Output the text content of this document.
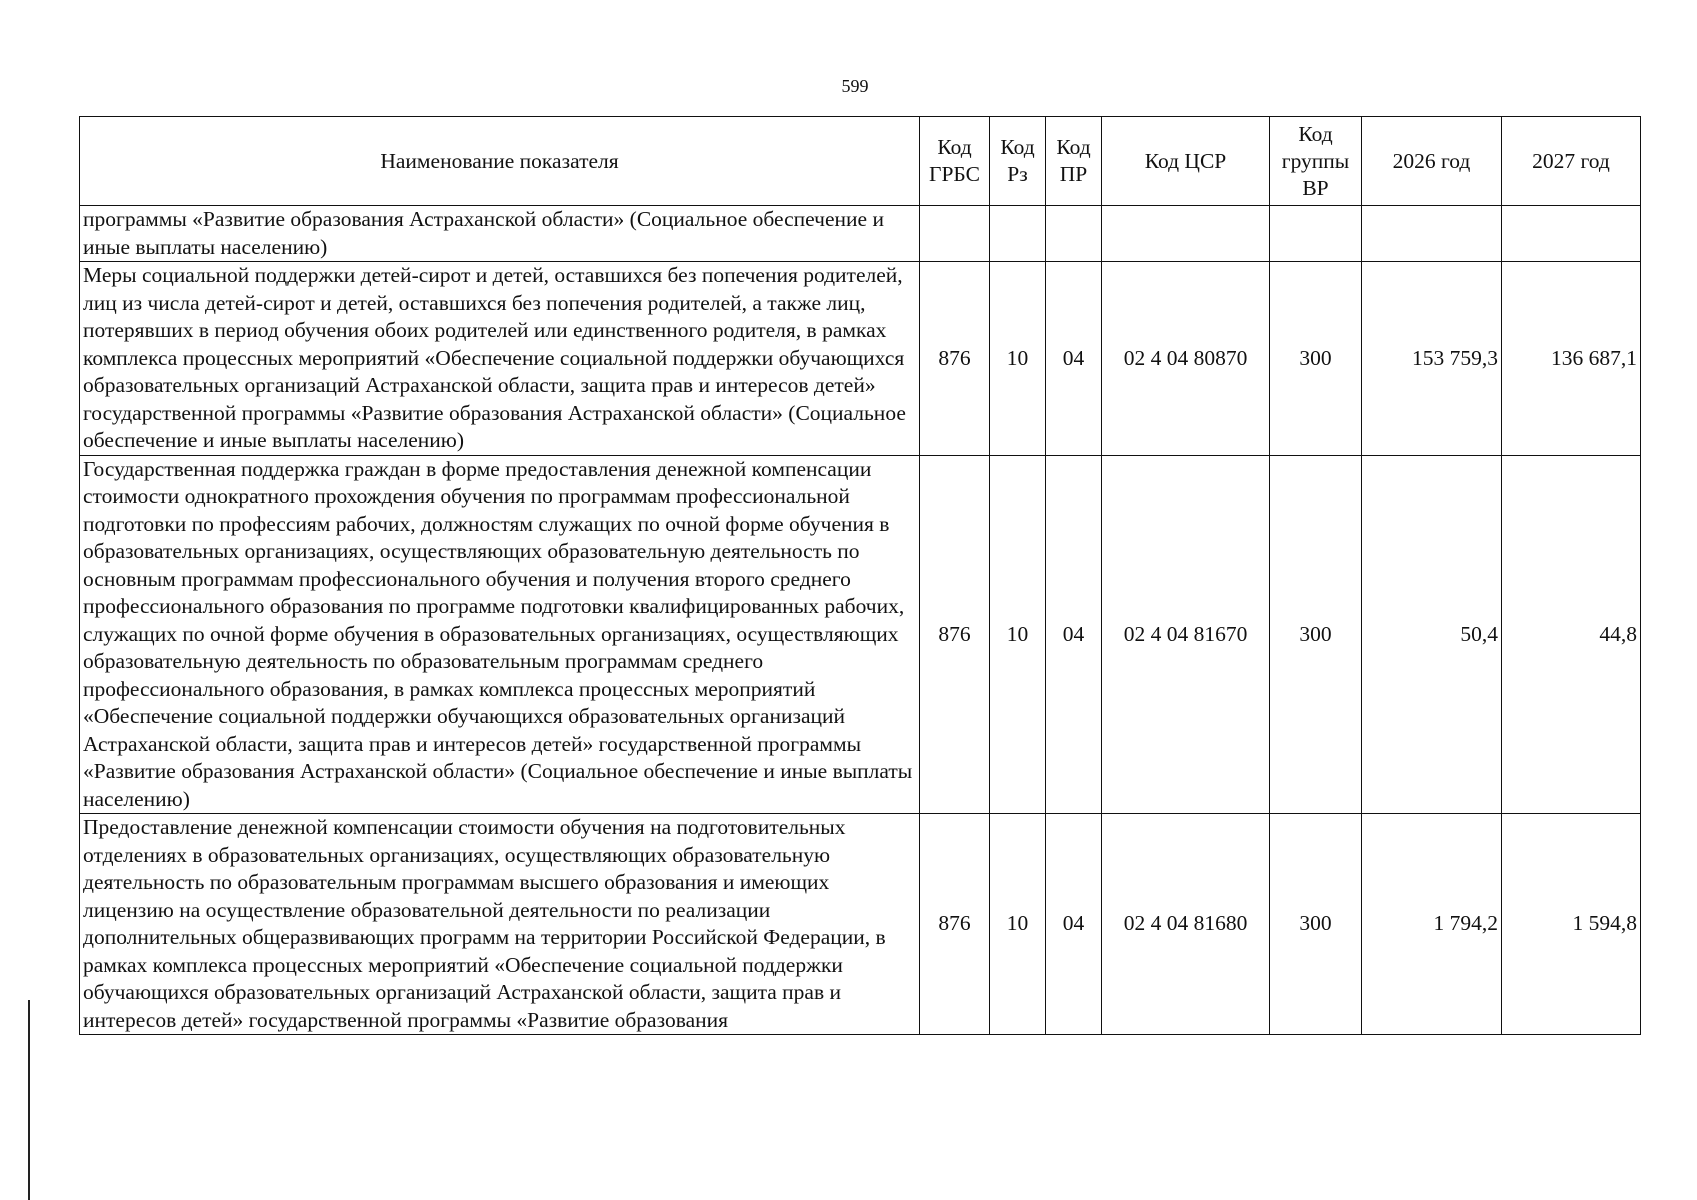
599
Наименование показателя	Код ГРБС	Код Рз	Код ПР	Код ЦСР	Код группы ВР	2026 год	2027 год
программы «Развитие образования Астраханской области» (Социальное обеспечение и иные выплаты населению)							
Меры социальной поддержки детей-сирот и детей, оставшихся без попечения родителей, лиц из числа детей-сирот и детей, оставшихся без попечения родителей, а также лиц, потерявших в период обучения обоих родителей или единственного родителя, в рамках комплекса процессных мероприятий «Обеспечение социальной поддержки обучающихся образовательных организаций Астраханской области, защита прав и интересов детей» государственной программы «Развитие образования Астраханской области» (Социальное обеспечение и иные выплаты населению)	876	10	04	02 4 04 80870	300	153 759,3	136 687,1
Государственная поддержка граждан в форме предоставления денежной компенсации стоимости однократного прохождения обучения по программам профессиональной подготовки по профессиям рабочих, должностям служащих по очной форме обучения в образовательных организациях, осуществляющих образовательную деятельность по основным программам профессионального обучения и получения второго среднего профессионального образования по программе подготовки квалифицированных рабочих, служащих по очной форме обучения в образовательных организациях, осуществляющих образовательную деятельность по образовательным программам среднего профессионального образования, в рамках комплекса процессных мероприятий «Обеспечение социальной поддержки обучающихся образовательных организаций Астраханской области, защита прав и интересов детей» государственной программы «Развитие образования Астраханской области» (Социальное обеспечение и иные выплаты населению)	876	10	04	02 4 04 81670	300	50,4	44,8
Предоставление денежной компенсации стоимости обучения на подготовительных отделениях в образовательных организациях, осуществляющих образовательную деятельность по образовательным программам высшего образования и имеющих лицензию на осуществление образовательной деятельности по реализации дополнительных общеразвивающих программ на территории Российской Федерации, в рамках комплекса процессных мероприятий «Обеспечение социальной поддержки обучающихся образовательных организаций Астраханской области, защита прав и интересов детей» государственной программы «Развитие образования	876	10	04	02 4 04 81680	300	1 794,2	1 594,8
